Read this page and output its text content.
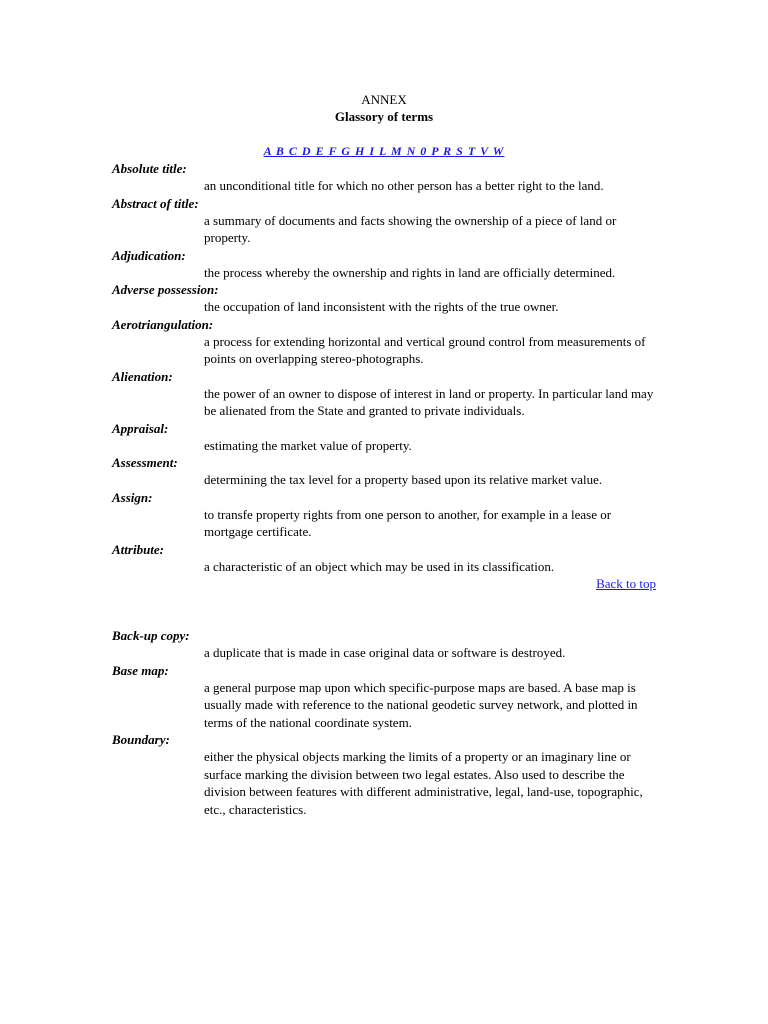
ANNEX
Glassory of terms
A B C D E F G H I L M N 0 P R S T V W

Absolute title:

an unconditional title for which no other person has a better right to the land.

Abstract of title:

a summary of documents and facts showing the ownership of a piece of land or property.

Adjudication:

the process whereby the ownership and rights in land are officially determined.

Adverse possession:

the occupation of land inconsistent with the rights of the true owner.

Aerotriangulation:

a process for extending horizontal and vertical ground control from measurements of points on overlapping stereo-photographs.

Alienation:

the power of an owner to dispose of interest in land or property. In particular land may be alienated from the State and granted to private individuals.

Appraisal:

estimating the market value of property.

Assessment:

determining the tax level for a property based upon its relative market value.

Assign:

to transfe property rights from one person to another, for example in a lease or mortgage certificate.

Attribute:

a characteristic of an object which may be used in its classification.

Back to top

Back-up copy:

a duplicate that is made in case original data or software is destroyed.

Base map:

a general purpose map upon which specific-purpose maps are based. A base map is usually made with reference to the national geodetic survey network, and plotted in terms of the national coordinate system.

Boundary:

either the physical objects marking the limits of a property or an imaginary line or surface marking the division between two legal estates. Also used to describe the division between features with different administrative, legal, land-use, topographic, etc., characteristics.
